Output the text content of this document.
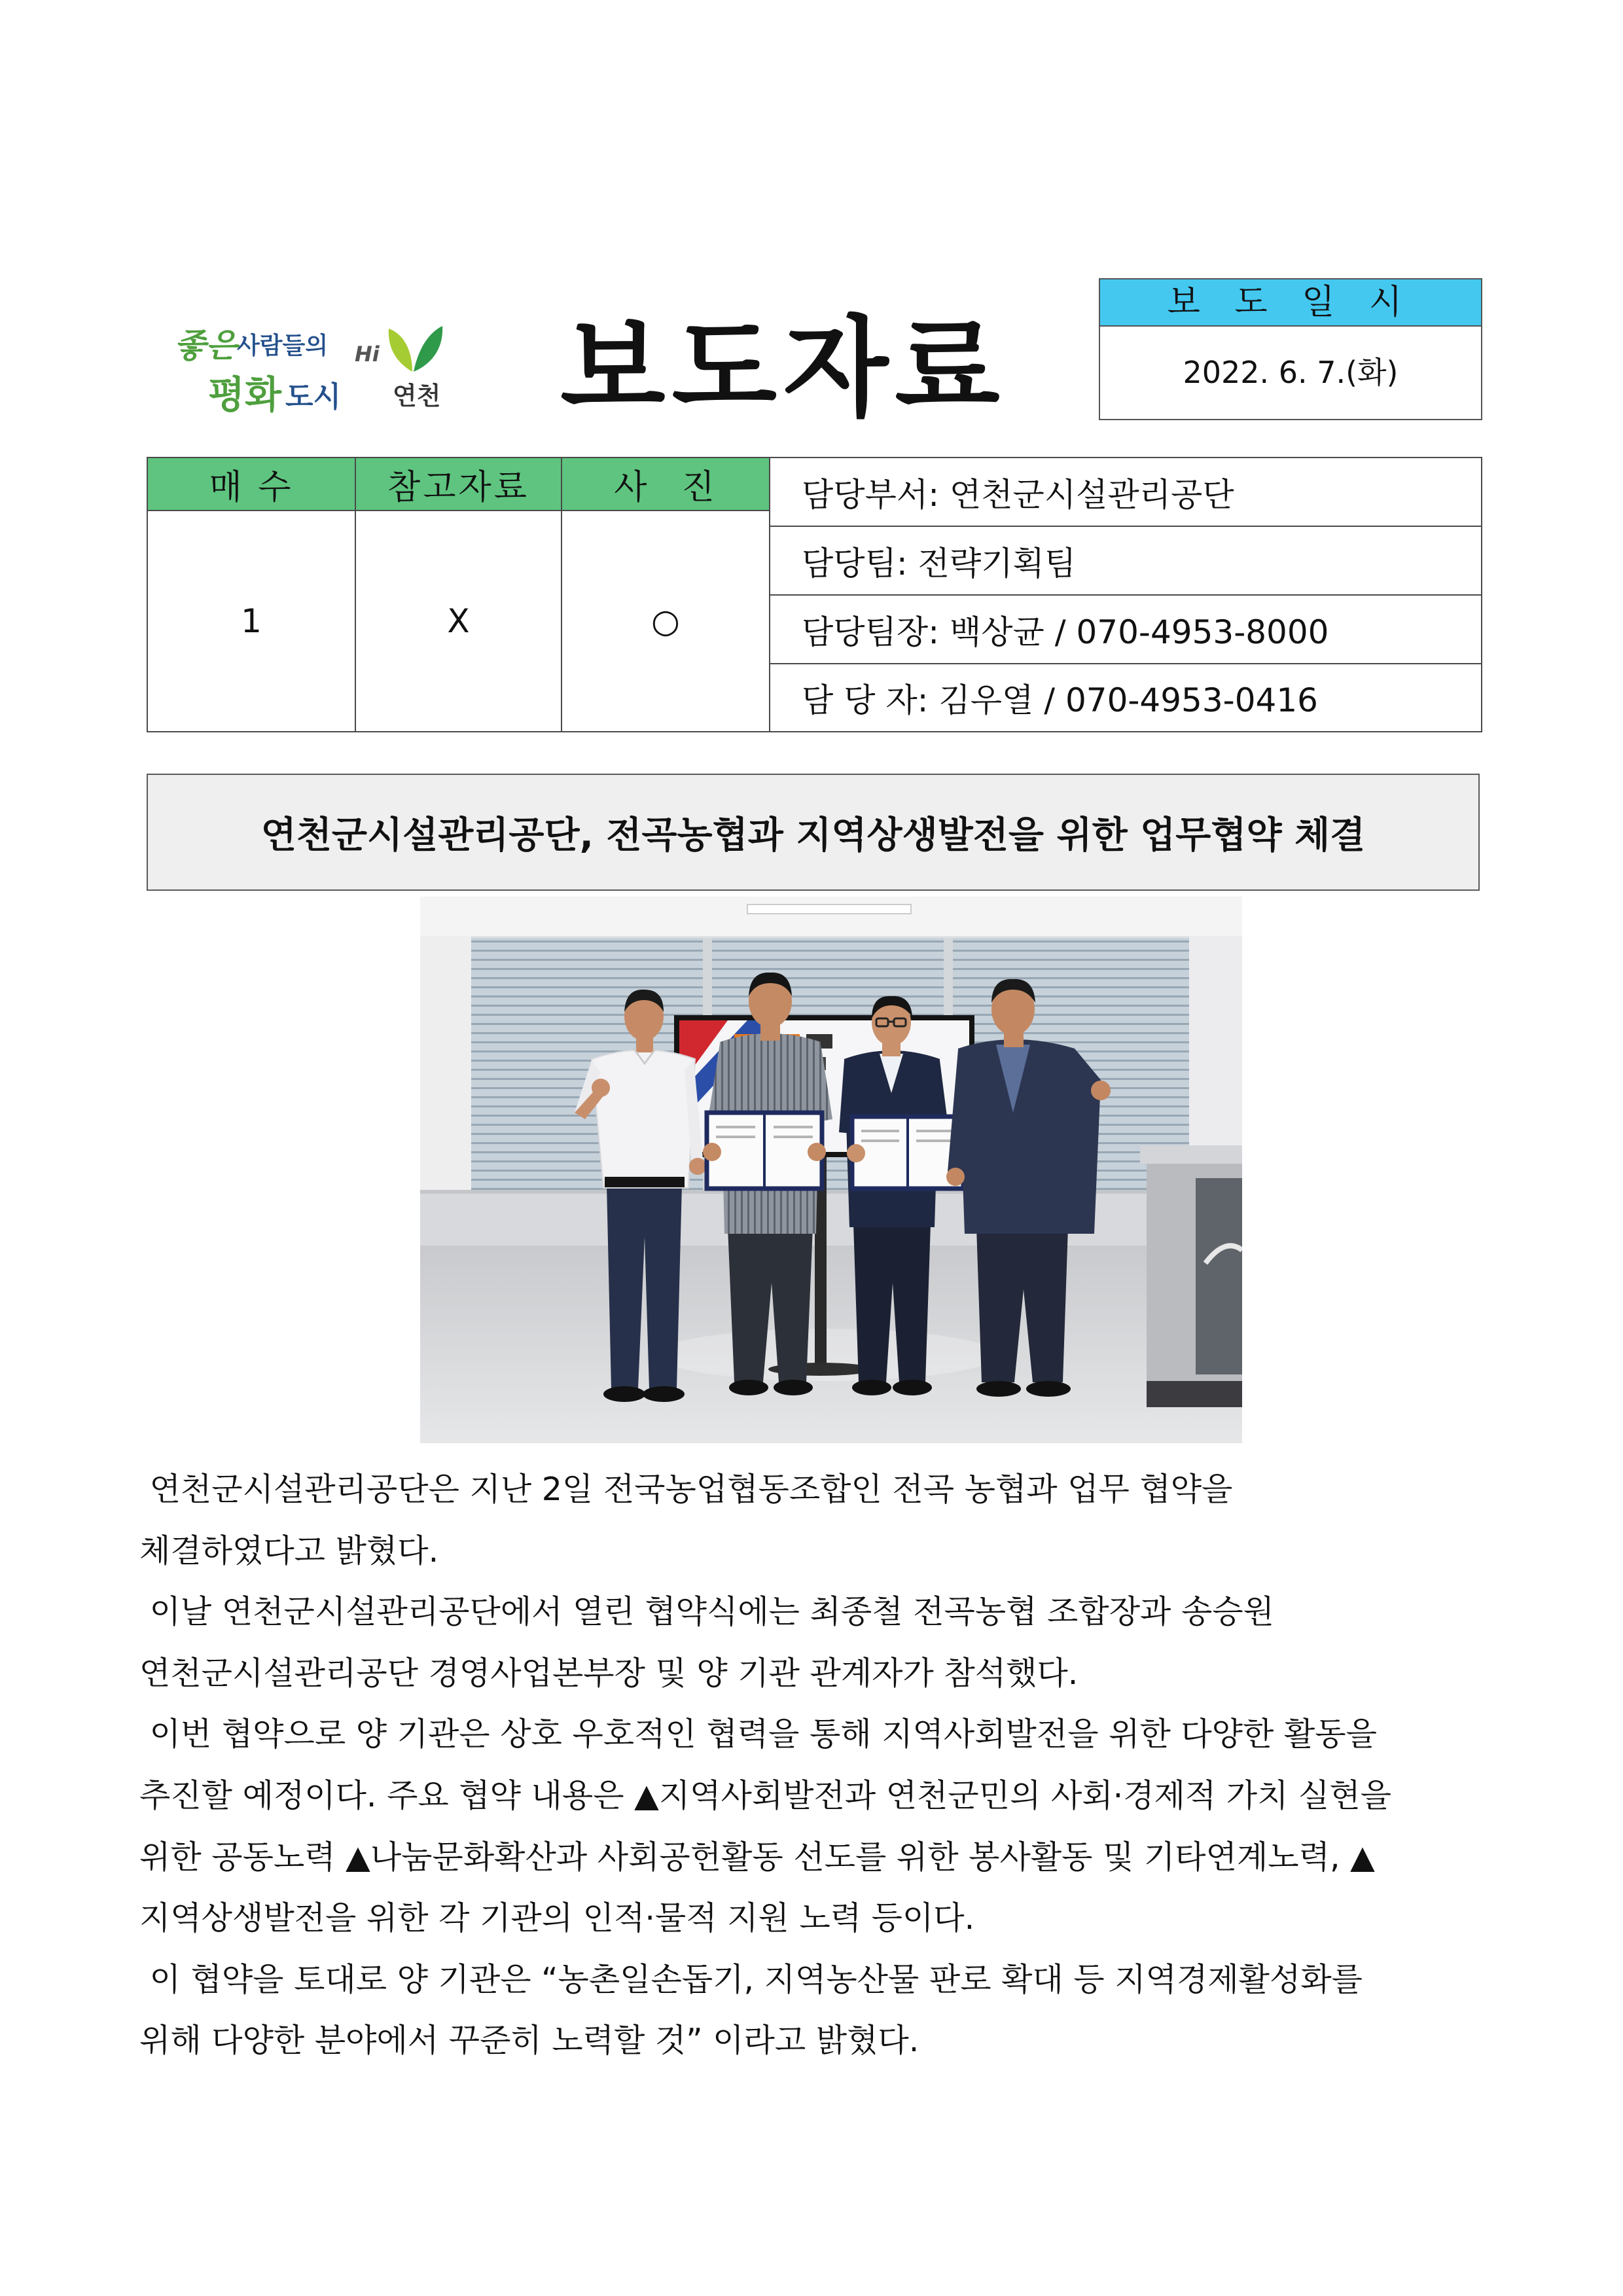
좋은 사람들의
평화 도시
Hi
연천 보도자료
보 도 일 시
2022. 6. 7.(화)
매 수	참고자료	사 진
1	X	○
담당부서: 연천군시설관리공단
담당팀: 전략기획팀
담당팀장: 백상균 / 070-4953-8000
담 당 자: 김우열 / 070-4953-0416
연천군시설관리공단, 전곡농협과 지역상생발전을 위한 업무협약 체결
연천군시설관리공단은 지난 2일 전국농업협동조합인 전곡 농협과 업무 협약을
체결하였다고 밝혔다.
이날 연천군시설관리공단에서 열린 협약식에는 최종철 전곡농협 조합장과 송승원
연천군시설관리공단 경영사업본부장 및 양 기관 관계자가 참석했다.
이번 협약으로 양 기관은 상호 우호적인 협력을 통해 지역사회발전을 위한 다양한 활동을
추진할 예정이다. 주요 협약 내용은 ▲지역사회발전과 연천군민의 사회·경제적 가치 실현을
위한 공동노력 ▲나눔문화확산과 사회공헌활동 선도를 위한 봉사활동 및 기타연계노력, ▲
지역상생발전을 위한 각 기관의 인적·물적 지원 노력 등이다.
이 협약을 토대로 양 기관은 “농촌일손돕기, 지역농산물 판로 확대 등 지역경제활성화를
위해 다양한 분야에서 꾸준히 노력할 것” 이라고 밝혔다.
